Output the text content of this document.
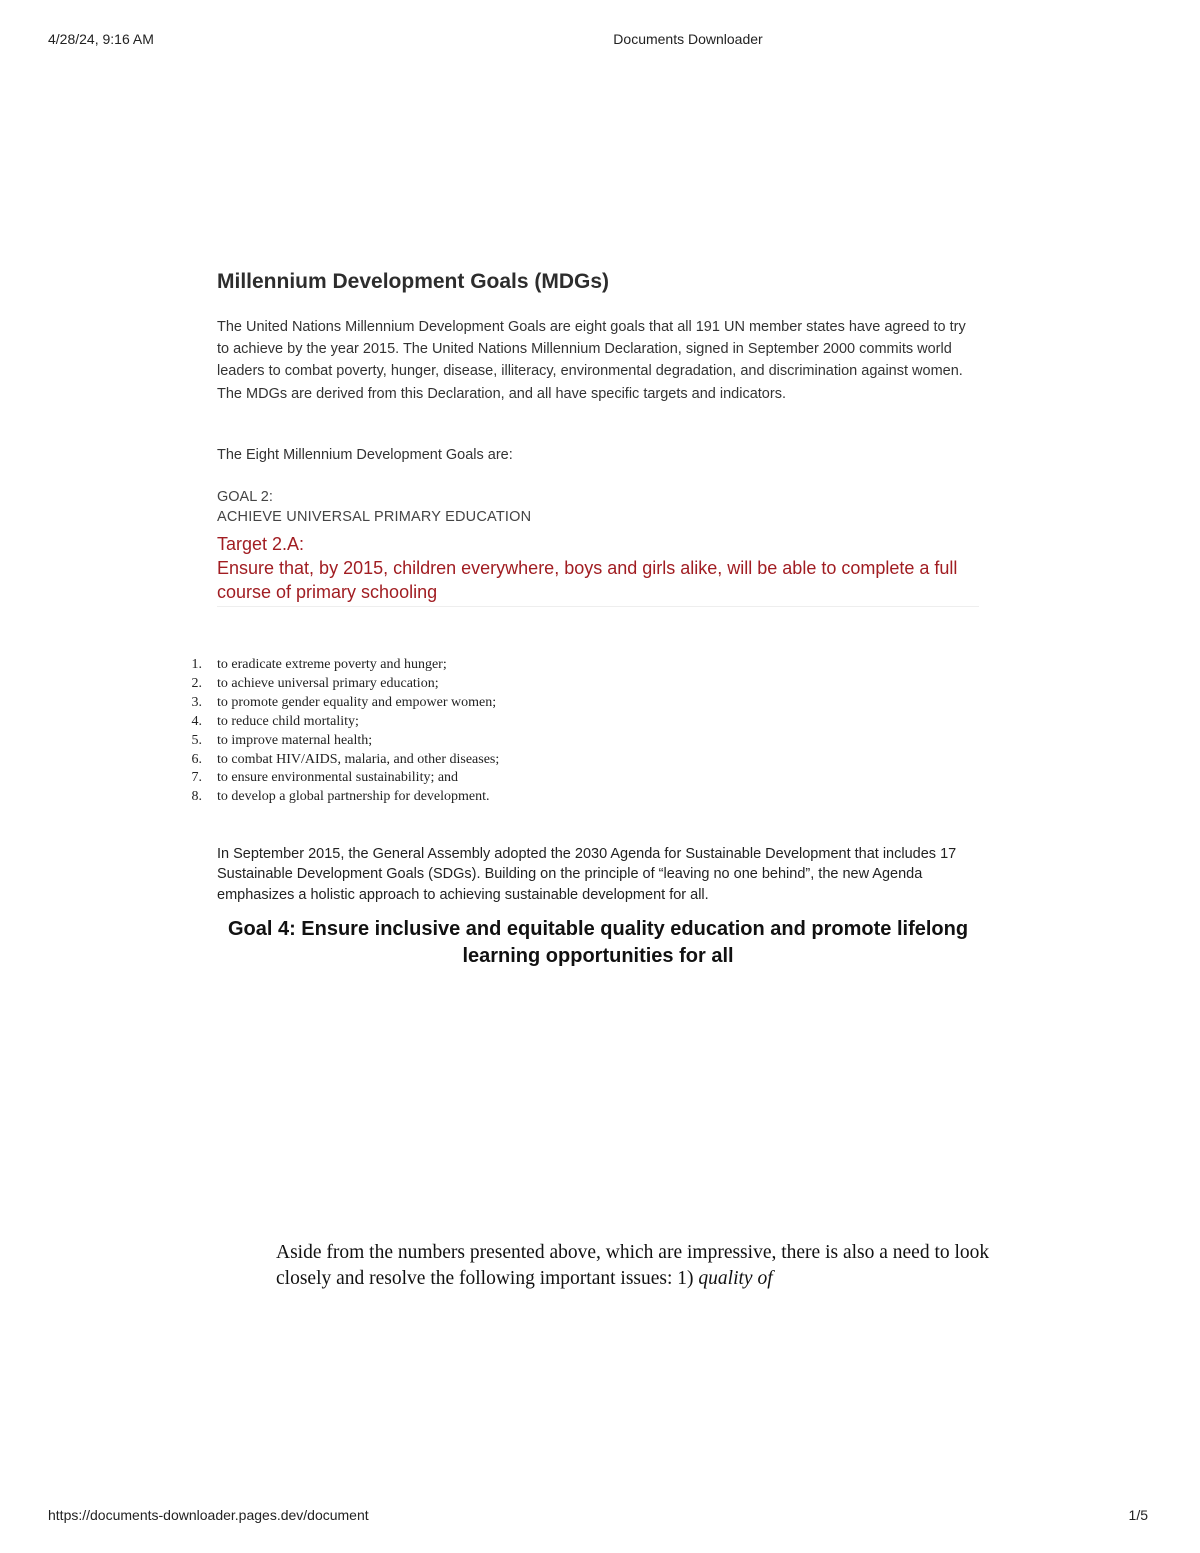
4/28/24, 9:16 AM	Documents Downloader
Millennium Development Goals (MDGs)

The United Nations Millennium Development Goals are eight goals that all 191 UN member states have agreed to try to achieve by the year 2015. The United Nations Millennium Declaration, signed in September 2000 commits world leaders to combat poverty, hunger, disease, illiteracy, environmental degradation, and discrimination against women. The MDGs are derived from this Declaration, and all have specific targets and indicators.

The Eight Millennium Development Goals are:

GOAL 2:
ACHIEVE UNIVERSAL PRIMARY EDUCATION
Target 2.A:
Ensure that, by 2015, children everywhere, boys and girls alike, will be able to complete a full course of primary schooling
1. to eradicate extreme poverty and hunger;
2. to achieve universal primary education;
3. to promote gender equality and empower women;
4. to reduce child mortality;
5. to improve maternal health;
6. to combat HIV/AIDS, malaria, and other diseases;
7. to ensure environmental sustainability; and
8. to develop a global partnership for development.

In September 2015, the General Assembly adopted the 2030 Agenda for Sustainable Development that includes 17 Sustainable Development Goals (SDGs). Building on the principle of “leaving no one behind”, the new Agenda emphasizes a holistic approach to achieving sustainable development for all.

Goal 4: Ensure inclusive and equitable quality education and promote lifelong learning opportunities for all

Aside from the numbers presented above, which are impressive, there is also a need to look closely and resolve the following important issues: 1) quality of

https://documents-downloader.pages.dev/document	1/5
